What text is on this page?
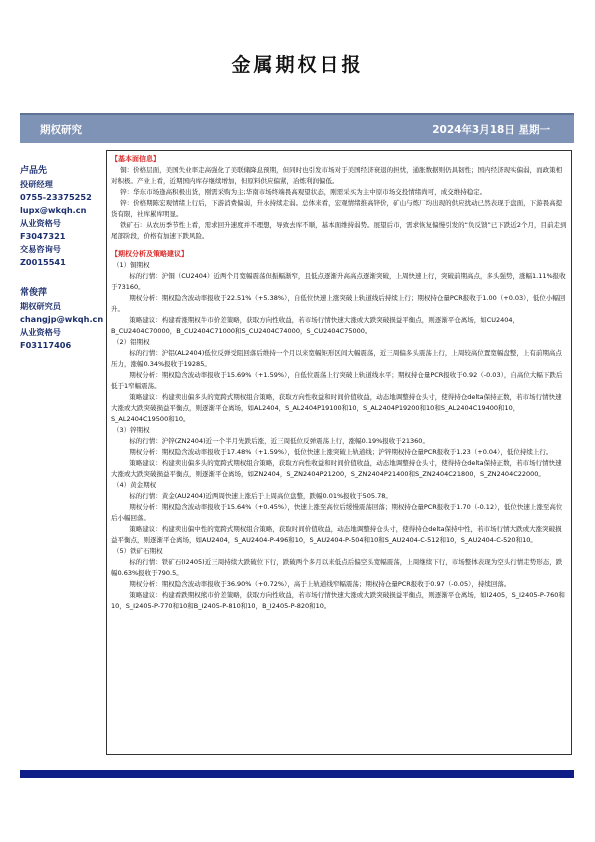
金属期权日报
期权研究	2024年3月18日 星期一
卢品先
投研经理
0755-23375252
lupx@wkqh.cn
从业资格号
F3047321
交易咨询号
Z0015541
常俊萍
期权研究员
changjp@wkqh.cn
从业资格号
F03117406
【基本面信息】
铜：价格层面，美国失业率走高强化了美联储降息预期，但同时也引发市场对于美国经济衰退的担忧，通胀数据则仍具韧性；国内经济现实偏弱，而政策相对积极。产业上看，近期国内库存继续增加，但原料供应偏紧，冶炼利润偏低。
锌：华东市场逢高积极出货，刚需采购为主;华南市场终端畏高观望状态，刚需采买为主中原市场交投情绪尚可，成交维持稳定。
锌：价格期陈宏观情绪上行后，下游消费偏弱，升水持续走弱。总体来看，宏观情绪推高锌价，矿山与炼厂均出现的供应扰动已然表现于盘面，下游畏高提货有限，社库累库明显。
铁矿石：从农历季节性上看，需求回升速度并不理想，导致去库不顺，基本面维持弱势。展望后市，需求恢复偏慢引发的“负反馈”已下跌近2个月，目前走到尾部阶段，价格有加速下跌风险。
【期权分析及策略建议】
（1）铜期权
标的行情：沪铜（CU2404）近两个月宽幅震荡但振幅渐窄，且低点逐渐升高高点逐渐突破，上周快速上行，突破前期高点，多头强势，涨幅1.11%报收于73160。
期权分析：期权隐含波动率报收于22.51%（+5.38%），自低位快速上涨突破上轨道线后持续上行；期权持仓量PCR报收于1.00（+0.03），低位小幅回升。
策略建议：构建看涨期权牛市价差策略，获取方向性收益，若市场行情快速大涨或大跌突破损益平衡点，则逐渐平仓离场，如CU2404，B_CU2404C70000，B_CU2404C71000和S_CU2404C74000，S_CU2404C75000。
（2）铝期权
标的行情：沪铝(AL2404)低位反弹受阻回落后维持一个月以来宽幅矩形区间大幅震荡，近三周偏多头震荡上行，上周较高位置宽幅盘整，上有前期高点压力，涨幅0.34%报收于19285。
期权分析：期权隐含波动率报收于15.69%（+1.59%），自低位震荡上行突破上轨道线水平；期权持仓量PCR报收于0.92（-0.03），自高位大幅下跌后低于1窄幅震荡。
策略建议：构建卖出偏多头的宽跨式期权组合策略，获取方向性收益和时间价值收益，动态地调整持仓头寸，使得持仓delta保持正数，若市场行情快速大涨或大跌突破损益平衡点，则逐渐平仓离场，如AL2404，S_AL2404P19100和10，S_AL2404P19200和10和S_AL2404C19400和10，S_AL2404C19500和10。
（3）锌期权
标的行情：沪锌(ZN2404)近一个半月先跌后涨，近三周低位反弹震荡上行，涨幅0.19%报收于21360。
期权分析：期权隐含波动率报收于17.48%（+1.59%），低位快速上涨突破上轨道线；沪锌期权持仓量PCR报收于1.23（+0.04），低位持续上行。
策略建议：构建卖出偏多头的宽跨式期权组合策略，获取方向性收益和时间价值收益，动态地调整持仓头寸，使得持仓delta保持正数，若市场行情快速大涨或大跌突破损益平衡点，则逐渐平仓离场，如ZN2404，S_ZN2404P21200，S_ZN2404P21400和S_ZN2404C21800，S_ZN2404C22000。
（4）黄金期权
标的行情：黄金(AU2404)近两周快速上涨后于上周高位盘整，跌幅0.01%报收于505.78。
期权分析：期权隐含波动率报收于15.64%（+0.45%），快速上涨至高位后缓慢震荡回落；期权持仓量PCR报收于1.70（-0.12），低位快速上涨至高位后小幅回落。
策略建议：构建卖出偏中性的宽跨式期权组合策略，获取时间价值收益，动态地调整持仓头寸，使得持仓delta保持中性，若市场行情大跌或大涨突破损益平衡点，则逐渐平仓离场，如AU2404，S_AU2404-P-496和10，S_AU2404-P-504和10和S_AU2404-C-512和10，S_AU2404-C-520和10。
（5）铁矿石期权
标的行情：铁矿石(I2405)近三周持续大跌破位下行，跌破两个多月以来低点后偏空头宽幅震荡，上周继续下行，市场整体表现为空头行情走势形态，跌幅0.63%报收于790.5。
期权分析：期权隐含波动率报收于36.90%（+0.72%），高于上轨道线窄幅震荡；期权持仓量PCR报收于0.97（-0.05），持续回落。
策略建议：构建看跌期权熊市价差策略，获取方向性收益，若市场行情快速大涨或大跌突破损益平衡点，则逐渐平仓离场，如I2405，S_I2405-P-760和10，S_I2405-P-770和10和B_I2405-P-810和10，B_I2405-P-820和10。
